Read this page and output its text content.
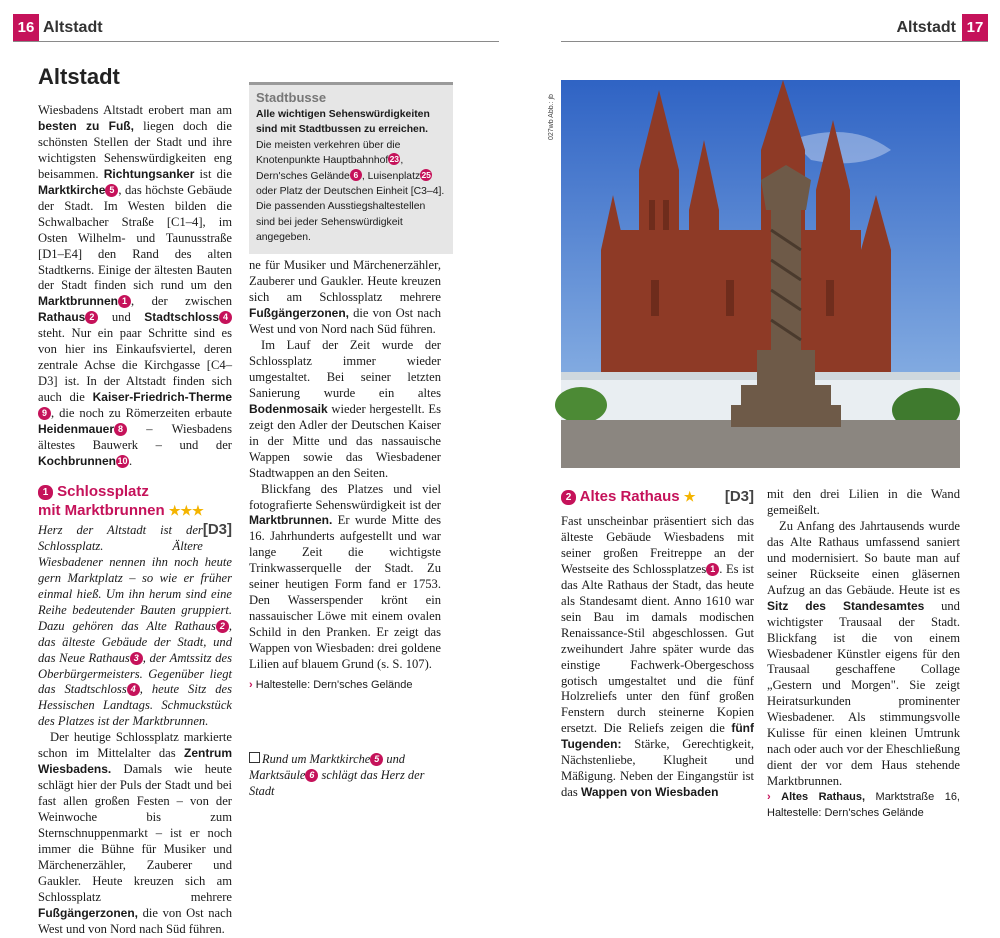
16 Altstadt	Altstadt 17
Altstadt

Wiesbadens Altstadt erobert man am besten zu Fuß, liegen doch die schönsten Stellen der Stadt und ihre wichtigsten Sehenswürdigkeiten eng beisammen. Richtungsanker ist die Marktkirche 5 , das höchste Gebäude der Stadt. Im Westen bilden die Schwalbacher Straße [C1–4], im Osten Wilhelm- und Taunusstraße [D1–E4] den Rand des alten Stadtkerns. Einige der ältesten Bauten der Stadt finden sich rund um den Marktbrunnen 1 , der zwischen Rathaus 2 und Stadtschloss 4 steht. Nur ein paar Schritte sind es von hier ins Einkaufsviertel, deren zentrale Achse die Kirchgasse [C4–D3] ist. In der Altstadt finden sich auch die Kaiser-Friedrich-Therme9 , die noch zu Römerzeiten erbaute Heidenmauer 8 – Wiesbadens ältestes Bauwerk – und der Kochbrunnen10 .

1 Schlossplatz
mit Marktbrunnen ★★★
[D3]

Herz der Altstadt ist der Schlossplatz. Ältere Wiesbadener nennen ihn noch heute gern Marktplatz – so wie er früher einmal hieß. Um ihn herum sind eine Reihe bedeutender Bauten gruppiert. Dazu gehören das Alte Rathaus 2 , das älteste Gebäude der Stadt, und das Neue Rathaus 3 , der Amtssitz des Oberbürgermeisters. Gegenüber liegt das Stadtschloss 4 , heute Sitz des Hessischen Landtags. Schmuckstück des Platzes ist der Marktbrunnen.

Der heutige Schlossplatz markierte schon im Mittelalter das Zentrum Wiesbadens. Damals wie heute schlägt hier der Puls der Stadt und bei fast allen großen Festen – von der Weinwoche bis zum Sternschnuppenmarkt – ist er noch immer die Bühne für Musiker und Märchenerzähler, Zauberer und Gaukler. Heute kreuzen sich am Schlossplatz mehrere Fußgängerzonen, die von Ost nach West und von Nord nach Süd führen.

Stadtbusse
Alle wichtigen Sehenswürdigkeiten sind mit Stadtbussen zu erreichen. Die meisten verkehren über die Knotenpunkte Hauptbahnhof23, Dern'sches Gelände 6 , Luisenplatz25 oder Platz der Deutschen Einheit [C3–4]. Die passenden Ausstiegshaltestellen sind bei jeder Sehenswürdigkeit angegeben.

ne für Musiker und Märchenerzähler, Zauberer und Gaukler. Heute kreuzen sich am Schlossplatz mehrere Fußgängerzonen, die von Ost nach West und von Nord nach Süd führen.

Rund um Marktkirche 5 und Marktsäule 6 schlägt das Herz der Stadt
027wb Abb.: jb
2 Altes Rathaus ★ [D3]

Fast unscheinbar präsentiert sich das älteste Gebäude Wiesbadens mit seiner großen Freitreppe an der Westseite des Schlossplatzes 1 . Es ist das Alte Rathaus der Stadt, das heute als Standesamt dient. Anno 1610 war sein Bau im damals modischen Renaissance-Stil abgeschlossen. Gut zweihundert Jahre später wurde das einstige Fachwerk-Obergeschoss gotisch umgestaltet und die fünf Holzreliefs unter den fünf großen Fenstern durch steinerne Kopien ersetzt. Die Reliefs zeigen die fünf Tugenden: Stärke, Gerechtigkeit, Nächstenliebe, Klugheit und Mäßigung. Neben der Eingangstür ist das Wappen von Wiesbaden

mit den drei Lilien in die Wand gemeißelt.

Zu Anfang des Jahrtausends wurde das Alte Rathaus umfassend saniert und modernisiert. So baute man auf seiner Rückseite einen gläsernen Aufzug an das Gebäude. Heute ist es Sitz des Standesamtes und wichtigster Trausaal der Stadt. Blickfang ist die von einem Wiesbadener Künstler eigens für den Trausaal geschaffene Collage „Gestern und Morgen". Sie zeigt Heiratsurkunden prominenter Wiesbadener. Als stimmungsvolle Kulisse für einen kleinen Umtrunk nach oder auch vor der Eheschließung dient der vor dem Haus stehende Marktbrunnen.

› Altes Rathaus, Marktstraße 16, Haltestelle: Dern'sches Gelände

Im Lauf der Zeit wurde der Schlossplatz immer wieder umgestaltet. Bei seiner letzten Sanierung wurde ein altes Bodenmosaik wieder hergestellt. Es zeigt den Adler der Deutschen Kaiser in der Mitte und das nassauische Wappen sowie das Wiesbadener Stadtwappen an den Seiten.

Blickfang des Platzes und viel fotografierte Sehenswürdigkeit ist der Marktbrunnen. Er wurde Mitte des 16. Jahrhunderts aufgestellt und war lange Zeit die wichtigste Trinkwasserquelle der Stadt. Zu seiner heutigen Form fand er 1753. Den Wasserspender krönt ein nassauischer Löwe mit einem ovalen Schild in den Pranken. Er zeigt das Wappen von Wiesbaden: drei goldene Lilien auf blauem Grund (s. S. 107).

› Haltestelle: Dern'sches Gelände
